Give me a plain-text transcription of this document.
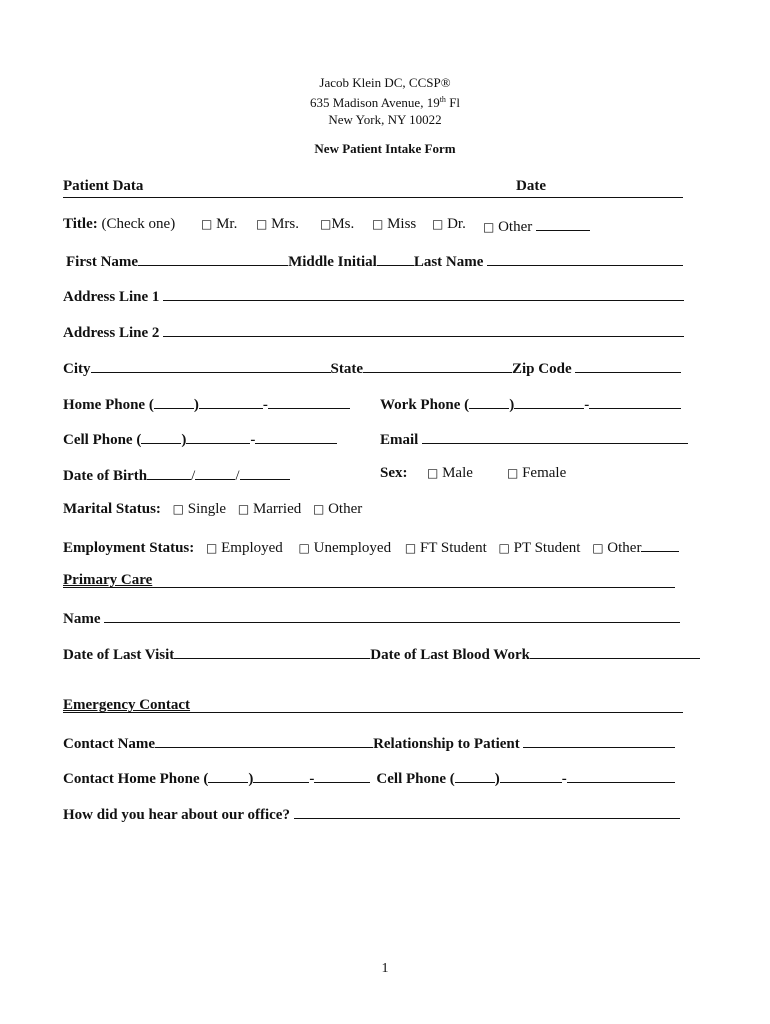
Jacob Klein DC, CCSP®
635 Madison Avenue, 19th Fl
New York, NY 10022
New Patient Intake Form
Patient Data	Date
Title: (Check one) □ Mr. □ Mrs. □Ms. □ Miss □ Dr. □ Other
First Name	Middle Initial Last Name
Address Line 1
Address Line 2
City	State	Zip Code
Home Phone (	)	-	Work Phone (	)	-
Cell Phone (	)	-	Email
Date of Birth	/	/	Sex: □ Male	□ Female
Marital Status: □ Single □ Married □ Other
Employment Status: □ Employed □ Unemployed □ FT Student □ PT Student □ Other
Primary Care
Name
Date of Last Visit	Date of Last Blood Work
Emergency Contact
Contact Name	Relationship to Patient
Contact Home Phone (	)	-	Cell Phone (	)	-
How did you hear about our office?
1
